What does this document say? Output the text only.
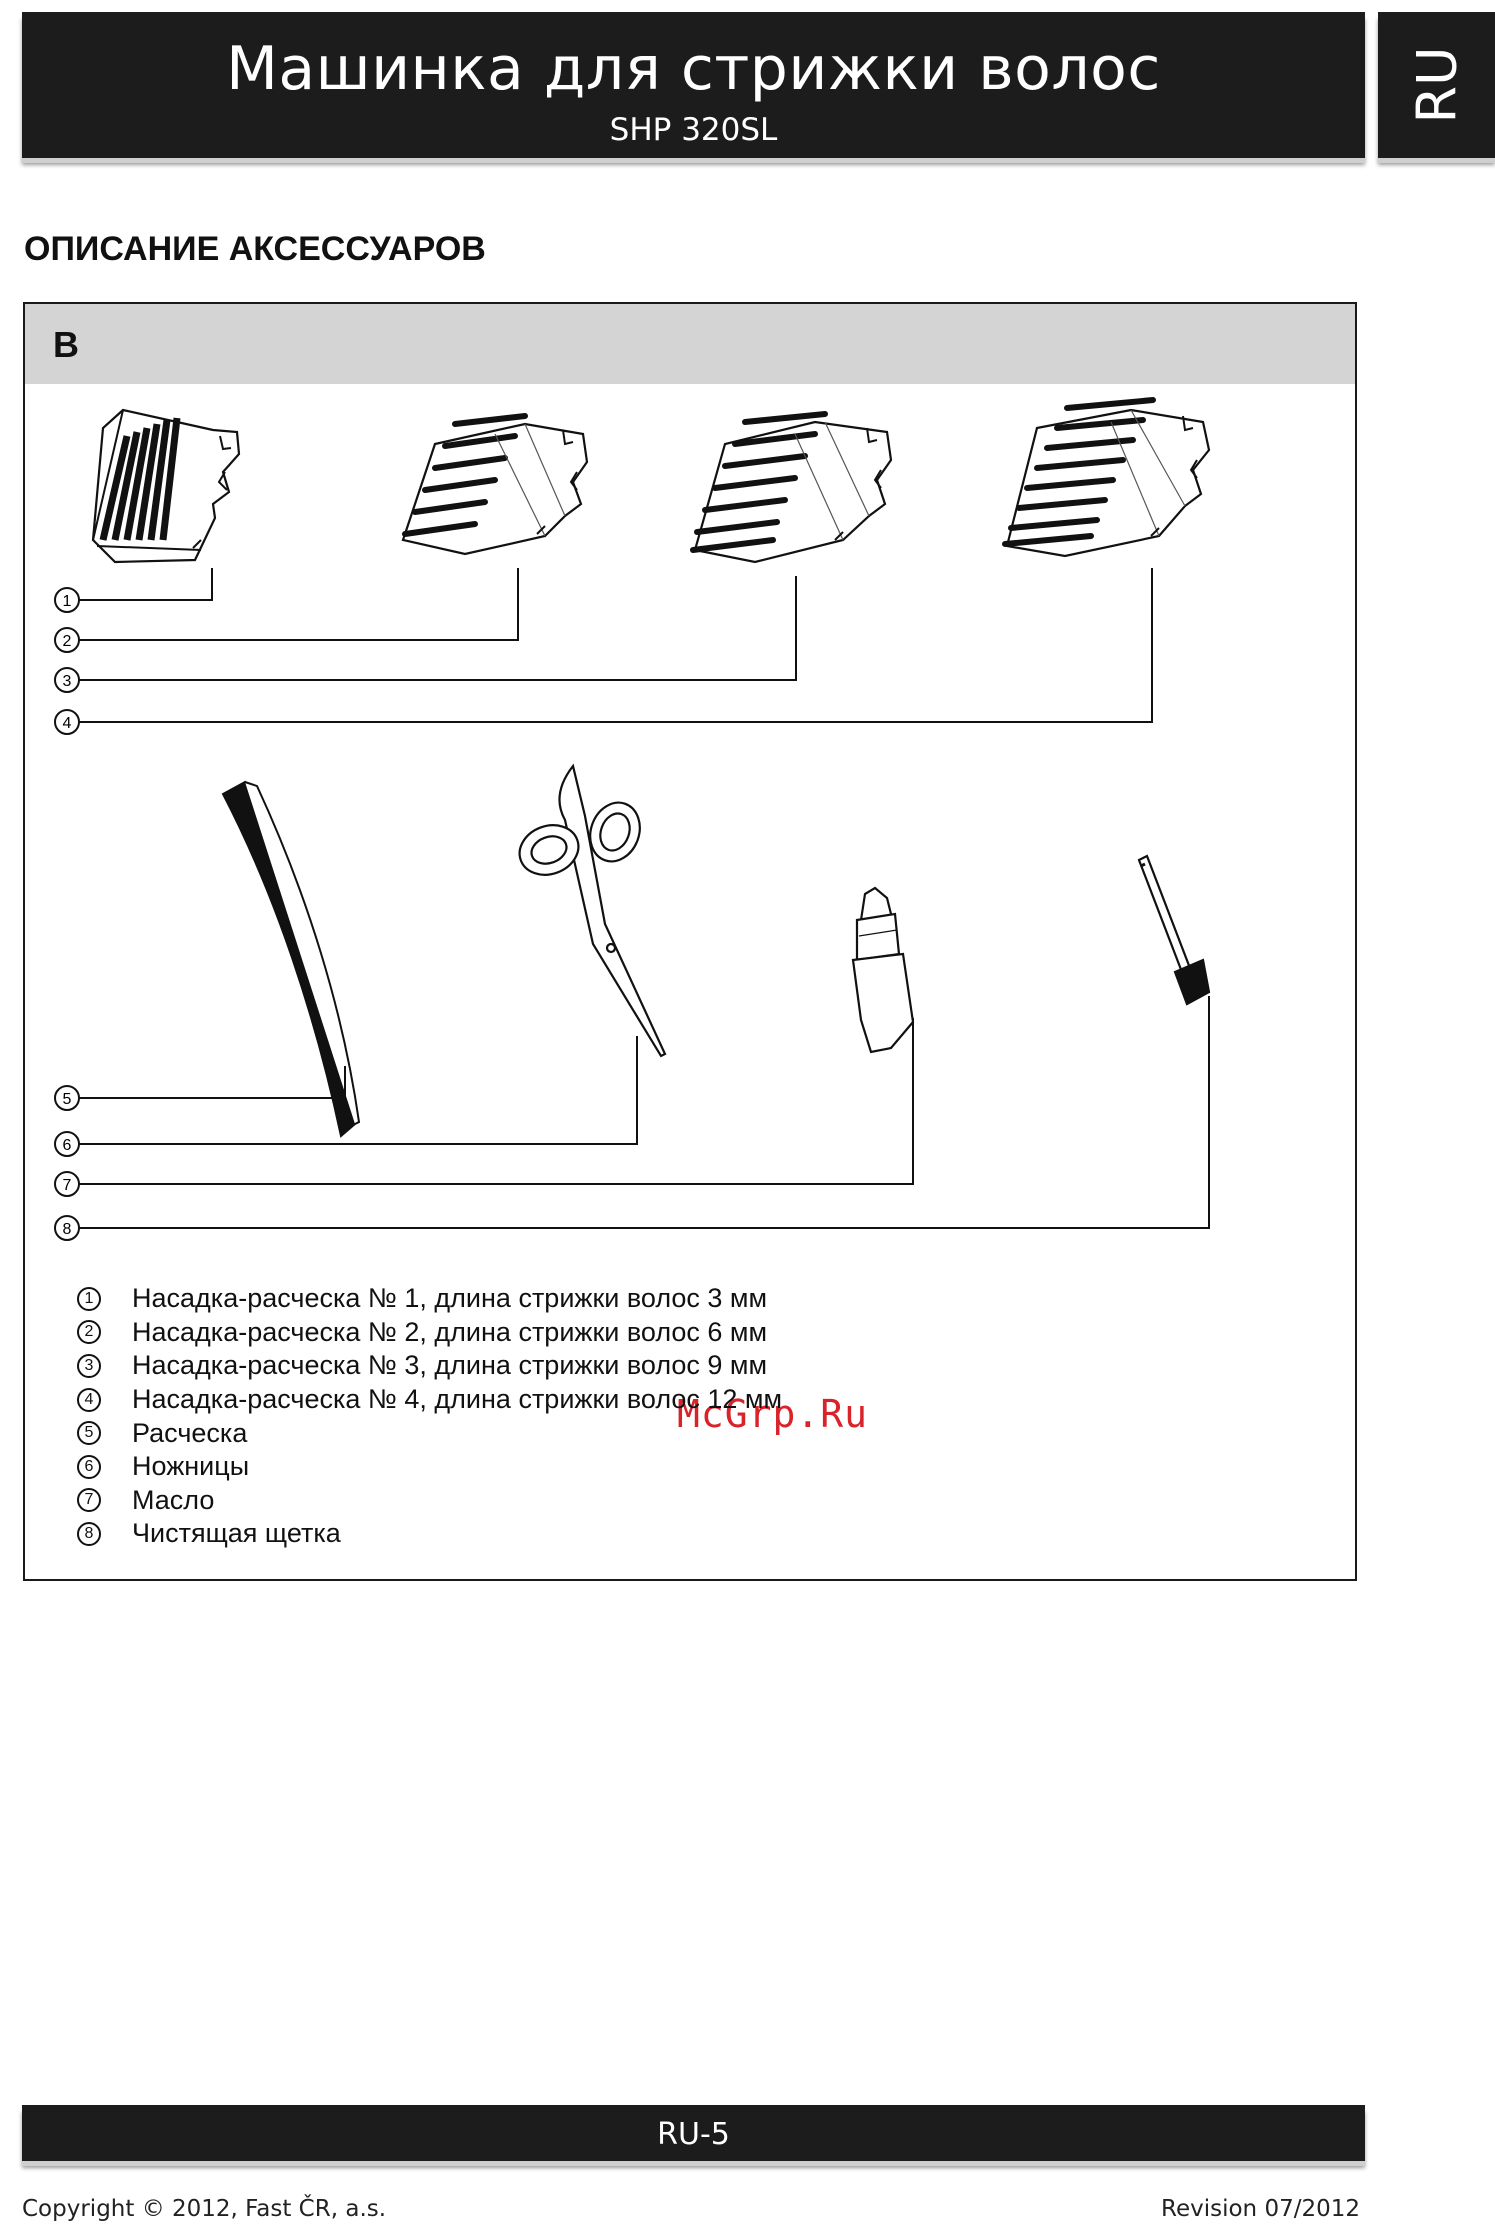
Машинка для стрижки волос
SHP 320SL
RU
ОПИСАНИЕ АКСЕССУАРОВ
B
1
2
3
4
5
6
7
8
McGrp.Ru
1 Насадка-расческа № 1, длина стрижки волос 3 мм
2 Насадка-расческа № 2, длина стрижки волос 6 мм
3 Насадка-расческа № 3, длина стрижки волос 9 мм
4 Насадка-расческа № 4, длина стрижки волос 12 мм
5 Расческа
6 Ножницы
7 Масло
8 Чистящая щетка
RU-5
Copyright © 2012, Fast ČR, a.s.	Revision 07/2012
